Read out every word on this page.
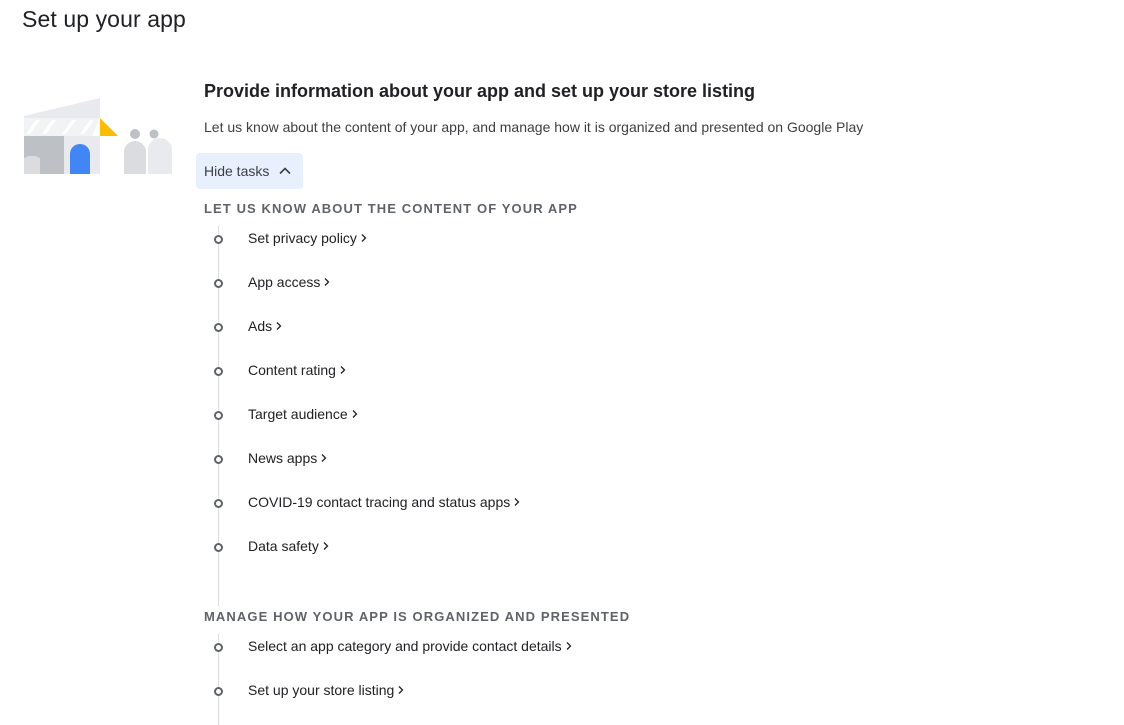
Set up your app
Provide information about your app and set up your store listing

Let us know about the content of your app, and manage how it is organized and presented on Google Play

Hide tasks
LET US KNOW ABOUT THE CONTENT OF YOUR APP
Set privacy policy
App access
Ads
Content rating
Target audience
News apps
COVID-19 contact tracing and status apps
Data safety
MANAGE HOW YOUR APP IS ORGANIZED AND PRESENTED
Select an app category and provide contact details
Set up your store listing
